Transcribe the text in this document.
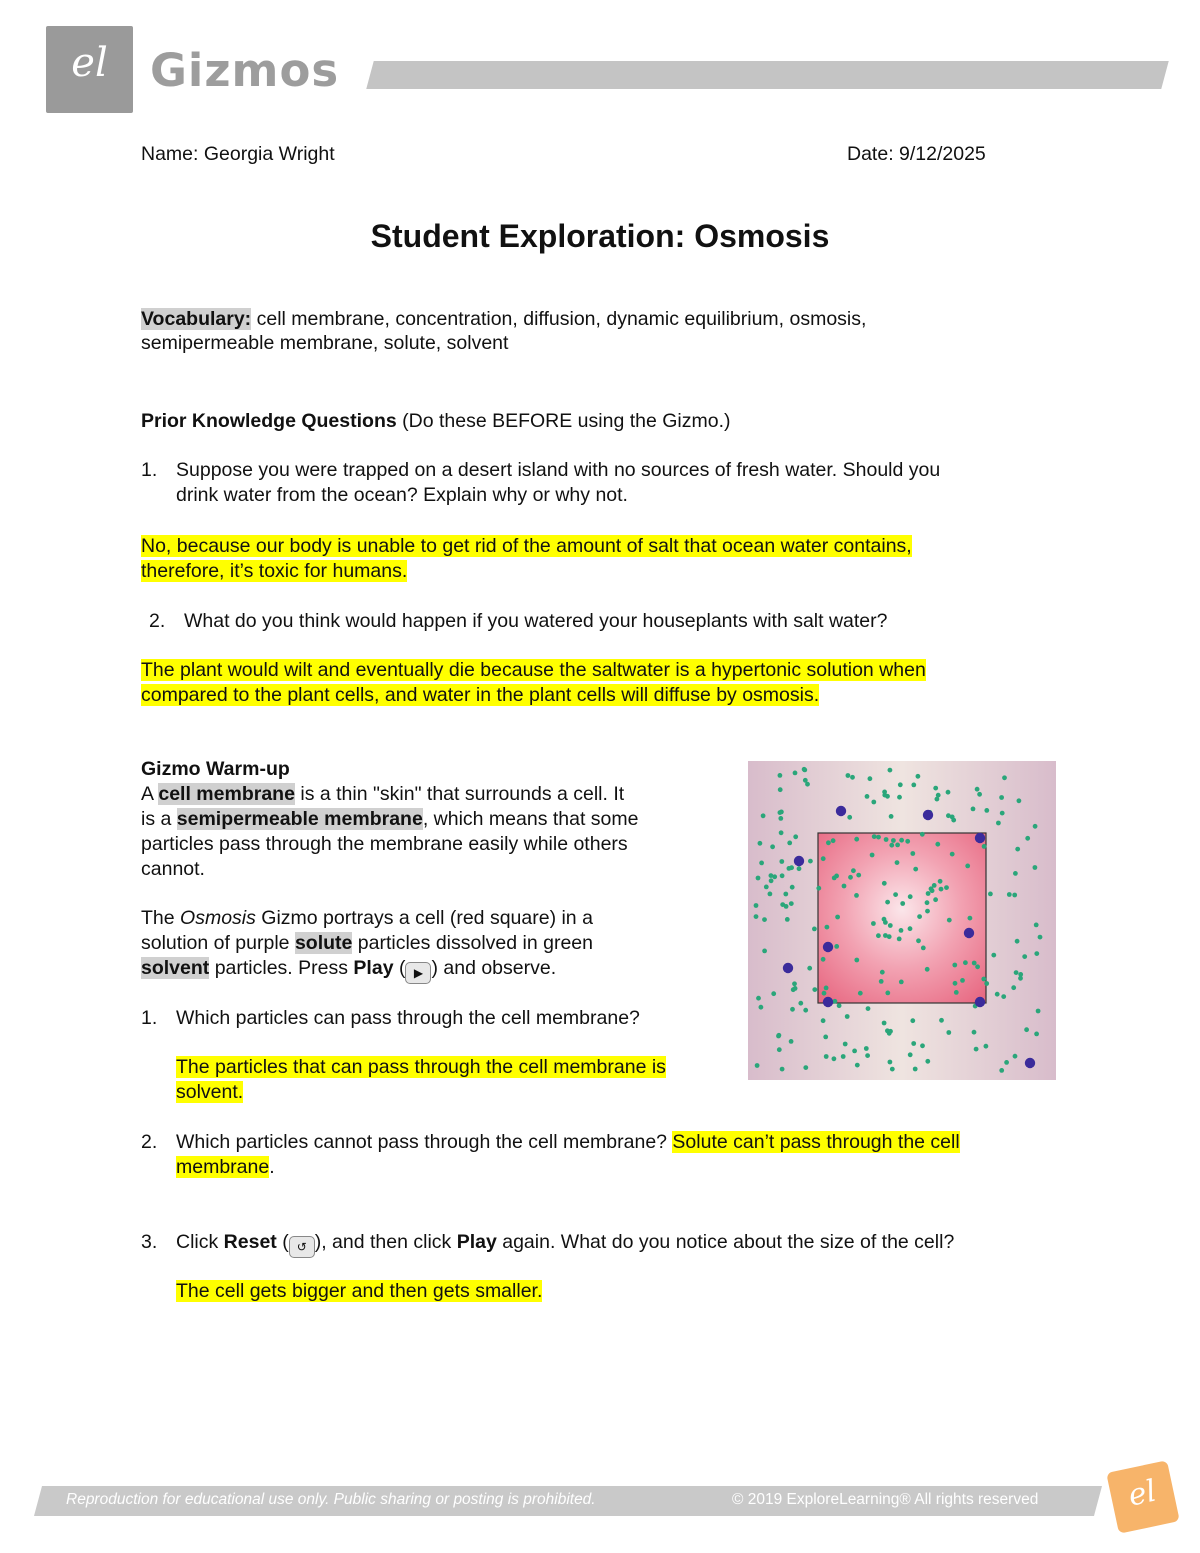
el Gizmos
Name: Georgia Wright	Date: 9/12/2025
Student Exploration: Osmosis
Vocabulary: cell membrane, concentration, diffusion, dynamic equilibrium, osmosis,
semipermeable membrane, solute, solvent
Prior Knowledge Questions (Do these BEFORE using the Gizmo.)
1. Suppose you were trapped on a desert island with no sources of fresh water. Should you
drink water from the ocean? Explain why or why not.
No, because our body is unable to get rid of the amount of salt that ocean water contains,
therefore, it’s toxic for humans.
2. What do you think would happen if you watered your houseplants with salt water?
The plant would wilt and eventually die because the saltwater is a hypertonic solution when
compared to the plant cells, and water in the plant cells will diffuse by osmosis.
Gizmo Warm-up
A cell membrane is a thin "skin" that surrounds a cell. It
is a semipermeable membrane, which means that some
particles pass through the membrane easily while others
cannot.
The Osmosis Gizmo portrays a cell (red square) in a
solution of purple solute particles dissolved in green
solvent particles. Press Play ( ▶ ) and observe.
1. Which particles can pass through the cell membrane?
The particles that can pass through the cell membrane is
solvent.
2. Which particles cannot pass through the cell membrane? Solute can’t pass through the cell
membrane.
3. Click Reset ( ↺ ), and then click Play again. What do you notice about the size of the cell?
The cell gets bigger and then gets smaller.
Reproduction for educational use only. Public sharing or posting is prohibited.	© 2019 ExploreLearning® All rights reserved	el
